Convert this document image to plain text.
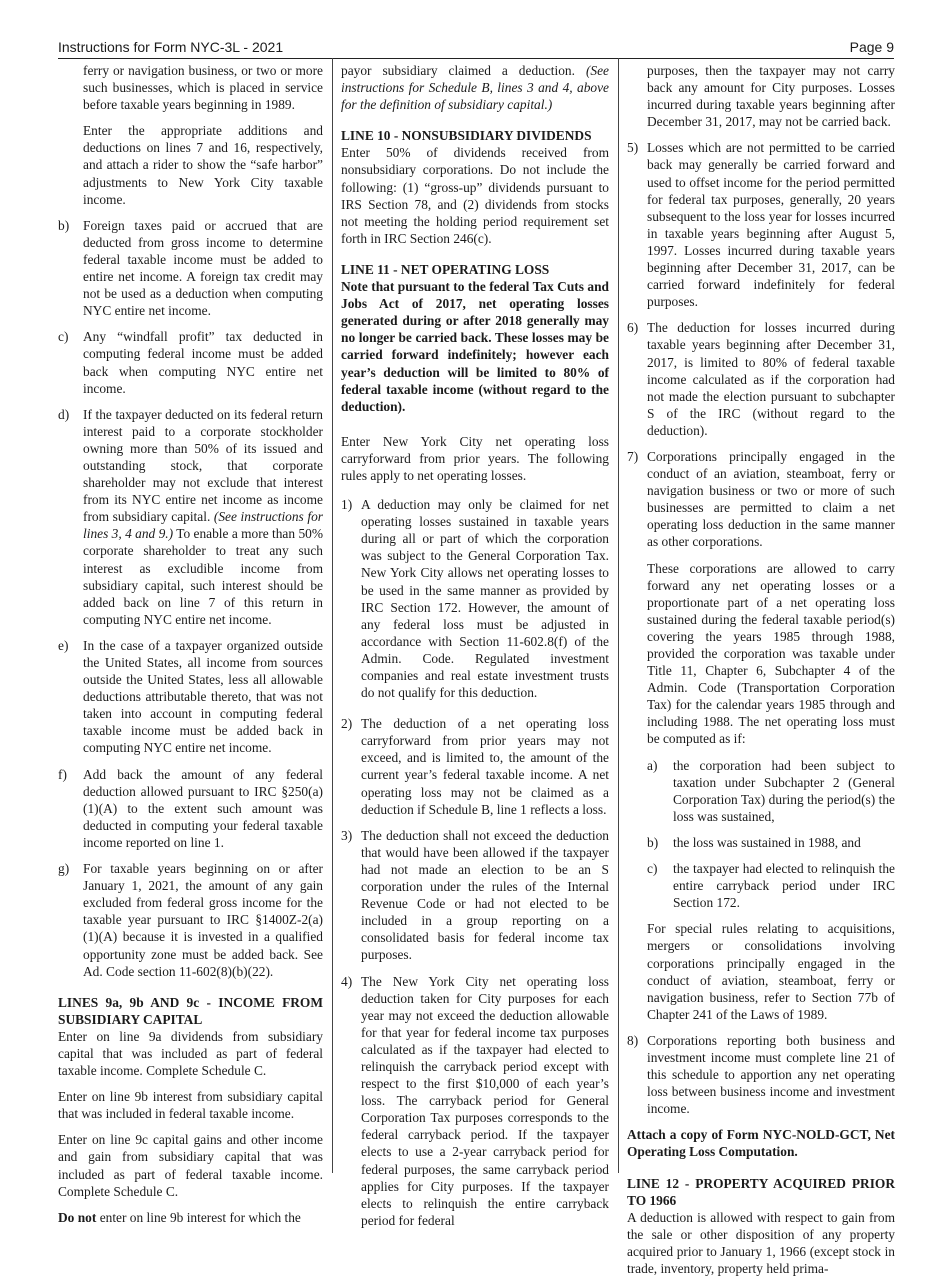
Instructions for Form NYC-3L - 2021	Page 9

ferry or navigation business, or two or more such businesses, which is placed in service before taxable years beginning in 1989.

Enter the appropriate additions and deductions on lines 7 and 16, respectively, and attach a rider to show the “safe harbor” adjustments to New York City taxable income.

b)	Foreign taxes paid or accrued that are deducted from gross income to determine federal taxable income must be added to entire net income. A foreign tax credit may not be used as a deduction when computing NYC entire net income.
c)	Any “windfall profit” tax deducted in computing federal income must be added back when computing NYC entire net income.
d)	If the taxpayer deducted on its federal return interest paid to a corporate stockholder owning more than 50% of its issued and outstanding stock, that corporate shareholder may not exclude that interest from its NYC entire net income as income from subsidiary capital. (See instructions for lines 3, 4 and 9.) To enable a more than 50% corporate shareholder to treat any such interest as excludible income from subsidiary capital, such interest should be added back on line 7 of this return in computing NYC entire net income.
e)	In the case of a taxpayer organized outside the United States, all income from sources outside the United States, less all allowable deductions attributable thereto, that was not taken into account in computing federal taxable income must be added back in computing NYC entire net income.
f)	Add back the amount of any federal deduction allowed pursuant to IRC §250(a)(1)(A) to the extent such amount was deducted in computing your federal taxable income reported on line 1.
g)	For taxable years beginning on or after January 1, 2021, the amount of any gain excluded from federal gross income for the taxable year pursuant to IRC §1400Z-2(a)(1)(A) because it is invested in a qualified opportunity zone must be added back. See Ad. Code section 11-602(8)(b)(22).
LINES 9a, 9b AND 9c - INCOME FROM SUBSIDIARY CAPITAL

Enter on line 9a dividends from subsidiary capital that was included as part of federal taxable income. Complete Schedule C.

Enter on line 9b interest from subsidiary capital that was included in federal taxable income.

Enter on line 9c capital gains and other income and gain from subsidiary capital that was included as part of federal taxable income. Complete Schedule C.

Do not enter on line 9b interest for which the

payor subsidiary claimed a deduction. (See instructions for Schedule B, lines 3 and 4, above for the definition of subsidiary capital.)

LINE 10 - NONSUBSIDIARY DIVIDENDS

Enter 50% of dividends received from nonsubsidiary corporations. Do not include the following: (1) “gross-up” dividends pursuant to IRS Section 78, and (2) dividends from stocks not meeting the holding period requirement set forth in IRC Section 246(c).

LINE 11 - NET OPERATING LOSS

Note that pursuant to the federal Tax Cuts and Jobs Act of 2017, net operating losses generated during or after 2018 generally may no longer be carried back. These losses may be carried forward indefinitely; however each year’s deduction will be limited to 80% of federal taxable income (without regard to the deduction).

Enter New York City net operating loss carryforward from prior years. The following rules apply to net operating losses.

1) A deduction may only be claimed for net operating losses sustained in taxable years during all or part of which the corporation was subject to the General Corporation Tax. New York City allows net operating losses to be used in the same manner as provided by IRC Section 172. However, the amount of any federal loss must be adjusted in accordance with Section 11-602.8(f) of the Admin. Code. Regulated investment companies and real estate investment trusts do not qualify for this deduction.
2) The deduction of a net operating loss carryforward from prior years may not exceed, and is limited to, the amount of the current year’s federal taxable income. A net operating loss may not be claimed as a deduction if Schedule B, line 1 reflects a loss.
3) The deduction shall not exceed the deduction that would have been allowed if the taxpayer had not made an election to be an S corporation under the rules of the Internal Revenue Code or had not elected to be included in a group reporting on a consolidated basis for federal income tax purposes.
4) The New York City net operating loss deduction taken for City purposes for each year may not exceed the deduction allowable for that year for federal income tax purposes calculated as if the taxpayer had elected to relinquish the carryback period except with respect to the first $10,000 of each year’s loss. The carryback period for General Corporation Tax purposes corresponds to the federal carryback period. If the taxpayer elects to use a 2-year carryback period for federal purposes, the same carryback period applies for City purposes. If the taxpayer elects to relinquish the entire carryback period for federal

purposes, then the taxpayer may not carry back any amount for City purposes. Losses incurred during taxable years beginning after December 31, 2017, may not be carried back.

5) Losses which are not permitted to be carried back may generally be carried forward and used to offset income for the period permitted for federal tax purposes, generally, 20 years subsequent to the loss year for losses incurred in taxable years beginning after August 5, 1997. Losses incurred during taxable years beginning after December 31, 2017, can be carried forward indefinitely for federal purposes.
6) The deduction for losses incurred during taxable years beginning after December 31, 2017, is limited to 80% of federal taxable income calculated as if the corporation had not made the election pursuant to subchapter S of the IRC (without regard to the deduction).
7) Corporations principally engaged in the conduct of an aviation, steamboat, ferry or navigation business or two or more of such businesses are permitted to claim a net operating loss deduction in the same manner as other corporations.

These corporations are allowed to carry forward any net operating losses or a proportionate part of a net operating loss sustained during the federal taxable period(s) covering the years 1985 through 1988, provided the corporation was taxable under Title 11, Chapter 6, Subchapter 4 of the Admin. Code (Transportation Corporation Tax) for the calendar years 1985 through and including 1988. The net operating loss must be computed as if:

a)	the corporation had been subject to taxation under Subchapter 2 (General Corporation Tax) during the period(s) the loss was sustained,
b)	the loss was sustained in 1988, and
c)	the taxpayer had elected to relinquish the entire carryback period under IRC Section 172.

For special rules relating to acquisitions, mergers or consolidations involving corporations principally engaged in the conduct of aviation, steamboat, ferry or navigation business, refer to Section 77b of Chapter 241 of the Laws of 1989.

8) Corporations reporting both business and investment income must complete line 21 of this schedule to apportion any net operating loss between business income and investment income.

Attach a copy of Form NYC-NOLD-GCT, Net Operating Loss Computation.

LINE 12 - PROPERTY ACQUIRED PRIOR TO 1966

A deduction is allowed with respect to gain from the sale or other disposition of any property acquired prior to January 1, 1966 (except stock in trade, inventory, property held prima-
